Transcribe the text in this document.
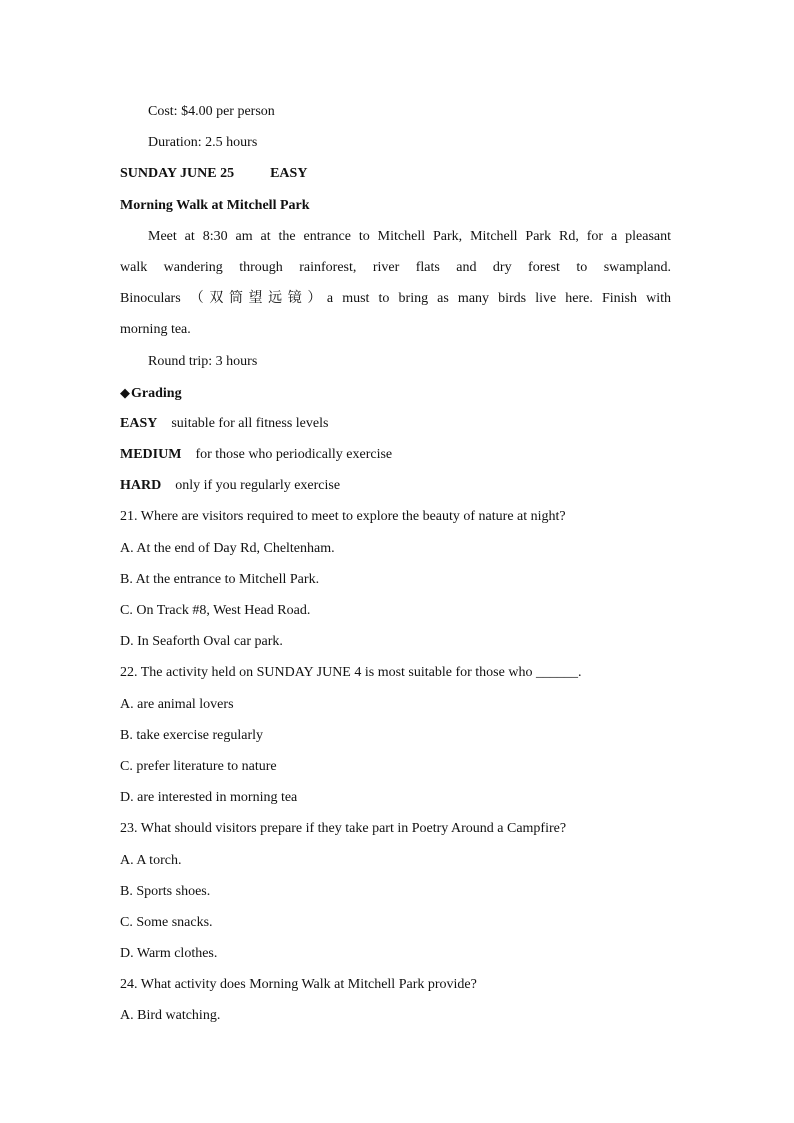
Cost: $4.00 per person
Duration: 2.5 hours
SUNDAY JUNE 25	EASY
Morning Walk at Mitchell Park
Meet at 8:30 am at the entrance to Mitchell Park, Mitchell Park Rd, for a pleasant
walk wandering through rainforest, river flats and dry forest to swampland.
Binoculars （双筒望远镜）a must to bring as many birds live here. Finish with
morning tea.
Round trip: 3 hours
◆Grading
EASY suitable for all fitness levels
MEDIUM for those who periodically exercise
HARD only if you regularly exercise
21. Where are visitors required to meet to explore the beauty of nature at night?
A. At the end of Day Rd, Cheltenham.
B. At the entrance to Mitchell Park.
C. On Track #8, West Head Road.
D. In Seaforth Oval car park.
22. The activity held on SUNDAY JUNE 4 is most suitable for those who ______.
A. are animal lovers
B. take exercise regularly
C. prefer literature to nature
D. are interested in morning tea
23. What should visitors prepare if they take part in Poetry Around a Campfire?
A. A torch.
B. Sports shoes.
C. Some snacks.
D. Warm clothes.
24. What activity does Morning Walk at Mitchell Park provide?
A. Bird watching.
